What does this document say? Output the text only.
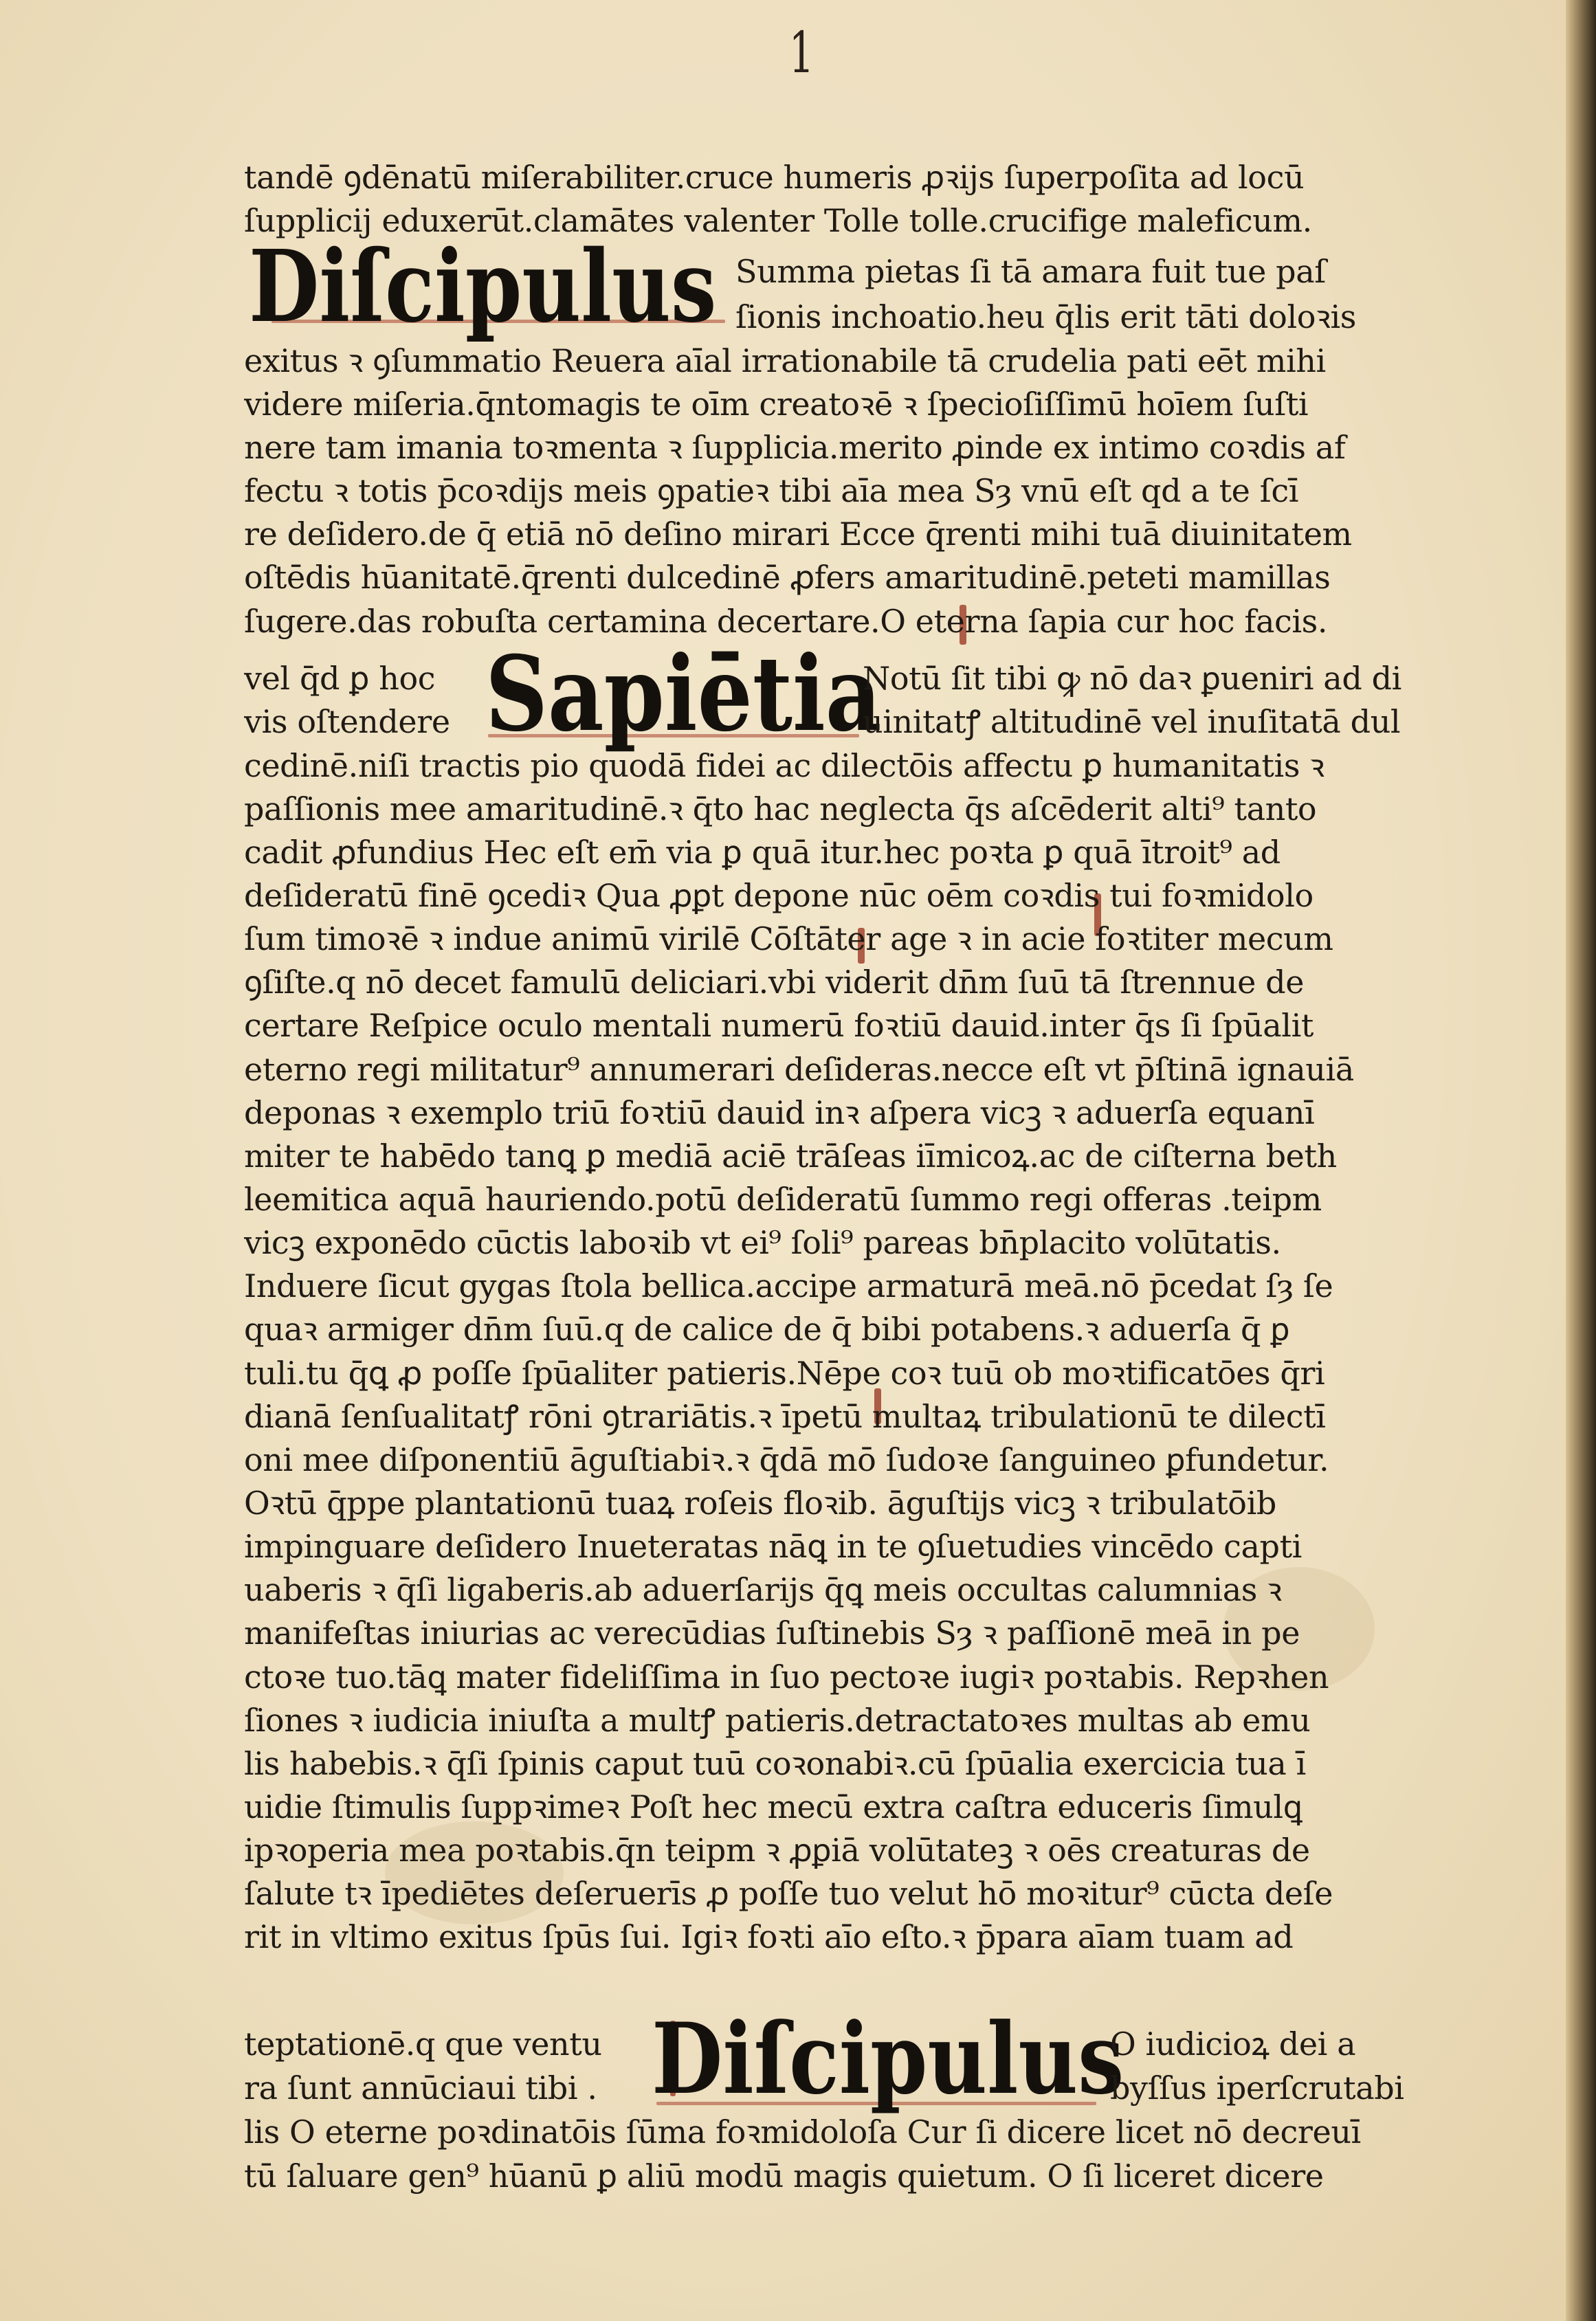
1
Diſcipulus
Sapiētia
Diſcipulus
tandē ꝯdēnatū miſerabiliter.cruce humeris ꝓꝛijs ſuperpoſita ad locū
ſupplicij eduxerūt.clamātes valenter Tolle tolle.crucifige maleficum.
Summa pietas ſi tā amara fuit tue paſ
ſionis inchoatio.heu q̄lis erit tāti doloꝛis
exitus ꝛ ꝯſummatio Reuera aīal irrationabile tā crudelia pati eēt mihi
videre miſeria.q̄ntomagis te oīm creatoꝛē ꝛ ſpecioſiſſimū hoīem ſuſti
nere tam imania toꝛmenta ꝛ ſupplicia.merito ꝓinde ex intimo coꝛdis af
fectu ꝛ totis p̄coꝛdijs meis ꝯpatieꝛ tibi aīa mea Sȝ vnū eſt qd a te ſcī
re deſidero.de q̄ etiā nō deſino mirari Ecce q̄renti mihi tuā diuinitatem
oſtēdis hūanitatē.q̄renti dulcedinē ꝓfers amaritudinē.peteti mamillas
ſugere.das robuſta certamina decertare.O eterna ſapia cur hoc facis.
vel q̄d ꝑ hoc	Notū ſit tibi ꝙ nō daꝛ ꝑueniri ad di
vis oſtendere	uinitatꝭ altitudinē vel inuſitatā dul
cedinē.niſi tractis pio quodā fidei ac dilectōis affectu ꝑ humanitatis ꝛ
paſſionis mee amaritudinē.ꝛ q̄to hac neglecta q̄s aſcēderit alti⁹ tanto
cadit ꝓfundius Hec eſt em̄ via ꝑ quā itur.hec poꝛta ꝑ quā ītroit⁹ ad
deſideratū finē ꝯcediꝛ Qua ꝓꝑt depone nūc oēm coꝛdis tui foꝛmidolo
ſum timoꝛē ꝛ indue animū virilē Cōſtāter age ꝛ in acie foꝛtiter mecum
ꝯſiſte.q nō decet famulū deliciari.vbi viderit dn̄m ſuū tā ſtrennue de
certare Reſpice oculo mentali numerū foꝛtiū dauid.inter q̄s ſi ſpūalit
eterno regi militatur⁹ annumerari deſideras.necce eſt vt p̄ſtinā ignauiā
deponas ꝛ exemplo triū foꝛtiū dauid inꝛ aſpera vicꝫ ꝛ aduerſa equanī
miter te habēdo tanꝗ ꝑ mediā aciē trāſeas iīmicoꝝ.ac de ciſterna beth
leemitica aquā hauriendo.potū deſideratū ſummo regi offeras .teipm
vicꝫ exponēdo cūctis laboꝛib vt ei⁹ ſoli⁹ pareas bn̄placito volūtatis.
Induere ſicut gygas ſtola bellica.accipe armaturā meā.nō p̄cedat ſȝ ſe
quaꝛ armiger dn̄m ſuū.q de calice de q̄ bibi potabens.ꝛ aduerſa q̄ ꝑ
tuli.tu q̄ꝗ ꝓ poſſe ſpūaliter patieris.Nēpe coꝛ tuū ob moꝛtificatōes q̄ri
dianā ſenſualitatꝭ rōni ꝯtrariātis.ꝛ īpetū multaꝝ tribulationū te dilectī
oni mee diſponentiū āguſtiabiꝛ.ꝛ q̄dā mō ſudoꝛe ſanguineo ꝑfundetur.
Oꝛtū q̄ppe plantationū tuaꝝ roſeis floꝛib. āguſtijs vicꝫ ꝛ tribulatōib
impinguare deſidero Inueteratas nāꝗ in te ꝯſuetudies vincēdo capti
uaberis ꝛ q̄ſi ligaberis.ab aduerſarijs q̄ꝗ meis occultas calumnias ꝛ
manifeſtas iniurias ac verecūdias ſuſtinebis Sȝ ꝛ paſſionē meā in pe
ctoꝛe tuo.tāꝗ mater fideliſſima in ſuo pectoꝛe iugiꝛ poꝛtabis. Repꝛhen
ſiones ꝛ iudicia iniuſta a multꝭ patieris.detractatoꝛes multas ab emu
lis habebis.ꝛ q̄ſi ſpinis caput tuū coꝛonabiꝛ.cū ſpūalia exercicia tua ī
uidie ſtimulis ſuppꝛimeꝛ Poſt hec mecū extra caſtra educeris ſimulꝗ
ipꝛoperia mea poꝛtabis.q̄n teipm ꝛ ꝓꝑiā volūtateꝫ ꝛ oēs creaturas de
ſalute tꝛ īpediētes deſeruerīs ꝓ poſſe tuo velut hō moꝛitur⁹ cūcta deſe
rit in vltimo exitus ſpūs ſui. Igiꝛ foꝛti aīo eſto.ꝛ p̄para aīam tuam ad
teptationē.q que ventu	O iudicioꝝ dei a
ra ſunt annūciaui tibi .	byſſus iperſcrutabi
lis O eterne poꝛdinatōis ſūma foꝛmidoloſa Cur ſi dicere licet nō decreuī
tū ſaluare gen⁹ hūanū ꝑ aliū modū magis quietum. O ſi liceret dicere
